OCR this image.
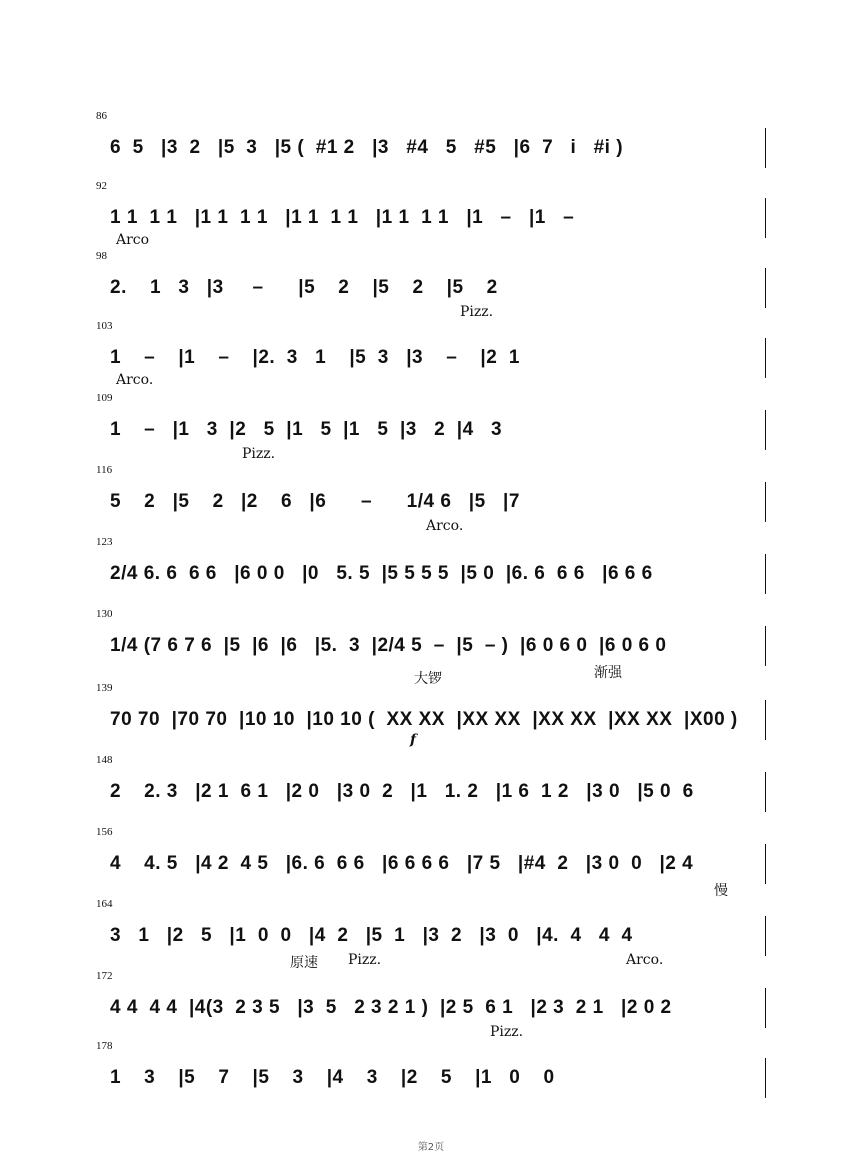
86
6  5   |3  2   |5  3   |5 (  #1 2   |3   #4   5   #5   |6  7   i   #i )
92
1 1  1 1   |1 1  1 1   |1 1  1 1   |1 1  1 1   |1   –   |1   –
Arco
98
2.    1   3   |3     –      |5    2    |5    2    |5    2
Pizz.
103
1    –    |1    –    |2.  3   1    |5  3   |3    –    |2  1
Arco.
109
1    –   |1   3  |2   5  |1   5  |1   5  |3   2  |4   3
Pizz.
116
5    2   |5    2   |2    6   |6      –      1/4 6   |5   |7
Arco.
123
2/4 6. 6  6 6   |6 0 0   |0   5. 5  |5 5 5 5  |5 0  |6. 6  6 6   |6 6 6
130
1/4 (7 6 7 6  |5  |6  |6   |5.  3  |2/4 5  –  |5  – )  |6 0 6 0  |6 0 6 0
渐强
139
70 70  |70 70  |10 10  |10 10 (  XX XX  |XX XX  |XX XX  |XX XX  |X00 )
大锣
f
148
2    2. 3   |2 1  6 1   |2 0   |3 0  2   |1   1. 2   |1 6  1 2   |3 0   |5 0  6
156
4    4. 5   |4 2  4 5   |6. 6  6 6   |6 6 6 6   |7 5   |#4  2   |3 0  0   |2 4
慢
164
3   1   |2   5   |1  0  0   |4  2   |5  1   |3  2   |3  0   |4.  4   4  4
原速 Pizz.	Arco.
172
4 4  4 4  |4(3  2 3 5   |3  5   2 3 2 1 )  |2 5  6 1   |2 3  2 1   |2 0 2
Pizz.
178
1    3    |5    7    |5    3    |4    3    |2    5    |1   0    0
第2页
